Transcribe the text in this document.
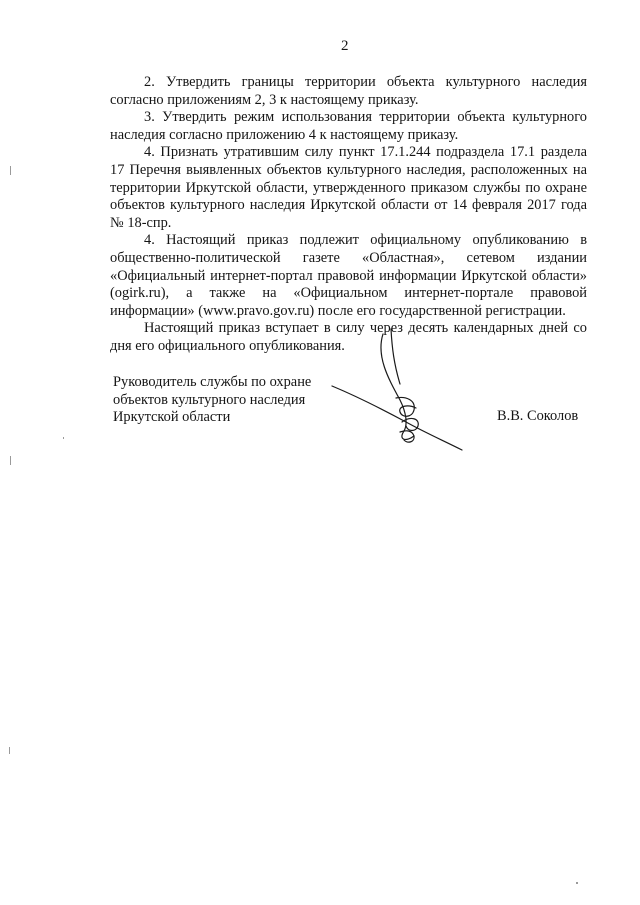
2

2. Утвердить границы территории объекта культурного наследия согласно приложениям 2, 3 к настоящему приказу.

3. Утвердить режим использования территории объекта культурного наследия согласно приложению 4 к настоящему приказу.

4. Признать утратившим силу пункт 17.1.244 подраздела 17.1 раздела 17 Перечня выявленных объектов культурного наследия, расположенных на территории Иркутской области, утвержденного приказом службы по охране объектов культурного наследия Иркутской области от 14 февраля 2017 года № 18-спр.

4. Настоящий приказ подлежит официальному опубликованию в общественно-политической газете «Областная», сетевом издании «Официальный интернет-портал правовой информации Иркутской области» (ogirk.ru), а также на «Официальном интернет-портале правовой информации» (www.pravo.gov.ru) после его государственной регистрации.

Настоящий приказ вступает в силу через десять календарных дней со дня его официального опубликования.

Руководитель службы по охране
объектов культурного наследия
Иркутской области	В.В. Соколов
